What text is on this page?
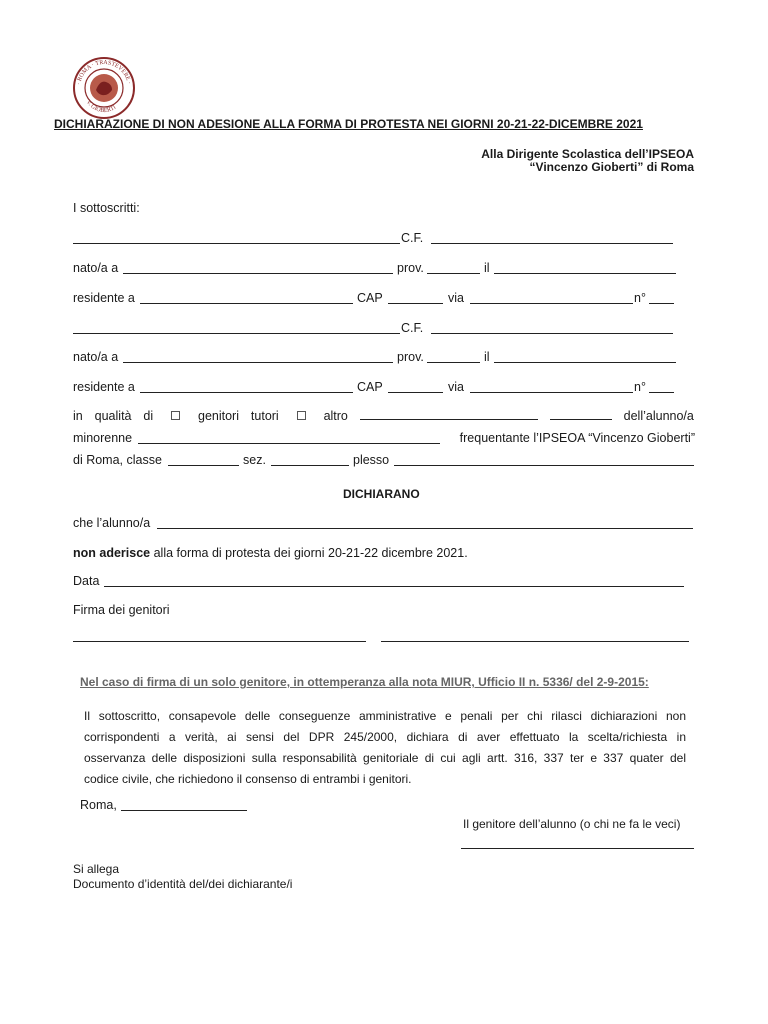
· ROMA · TRASTEVERE ·
V. GIOBERTI
DICHIARAZIONE DI NON ADESIONE ALLA FORMA DI PROTESTA NEI GIORNI 20-21-22-DICEMBRE 2021
Alla Dirigente Scolastica dell’IPSEOA
“Vincenzo Gioberti” di Roma
I sottoscritti:
C.F.
nato/a a	prov.	il
residente a	CAP	via	n°
C.F.
nato/a a	prov.	il
residente a	CAP	via	n°
in qualità di	genitori tutori	altro	dell’alunno/a
minorenne	frequentante l’IPSEOA “Vincenzo Gioberti”
di Roma, classe	sez.	plesso
DICHIARANO
che l’alunno/a
non aderisce alla forma di protesta dei giorni 20-21-22 dicembre 2021.
Data
Firma dei genitori
Nel caso di firma di un solo genitore, in ottemperanza alla nota MIUR, Ufficio II n. 5336/ del 2-9-2015:
Il sottoscritto, consapevole delle conseguenze amministrative e penali per chi rilasci dichiarazioni non
corrispondenti a verità, ai sensi del DPR 245/2000, dichiara di aver effettuato la scelta/richiesta in
osservanza delle disposizioni sulla responsabilità genitoriale di cui agli artt. 316, 337 ter e 337 quater del
codice civile, che richiedono il consenso di entrambi i genitori.
Roma,
Il genitore dell’alunno (o chi ne fa le veci)
Si allega
Documento d’identità del/dei dichiarante/i
